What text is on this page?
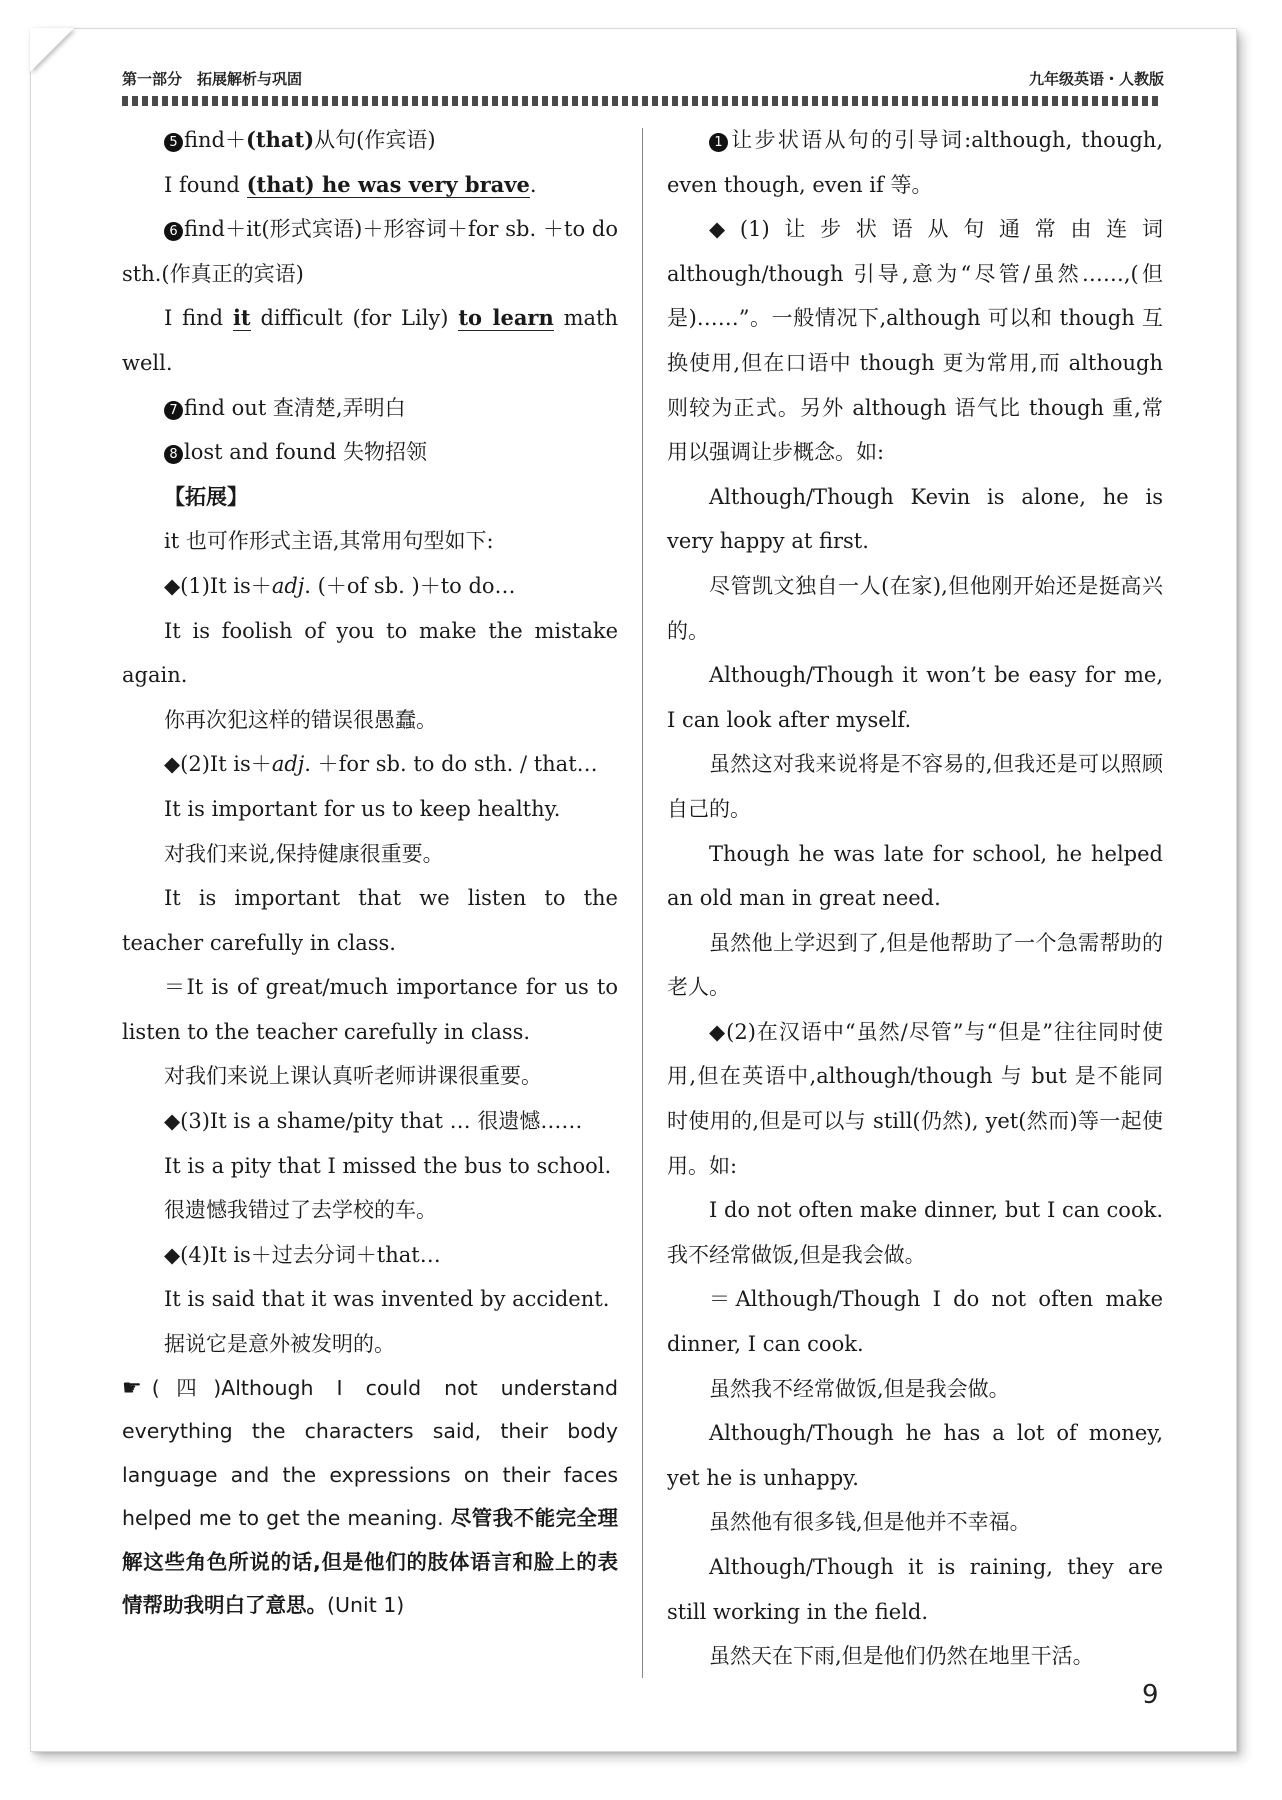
第一部分　拓展解析与巩固	九年级英语・人教版

5 find＋(that)从句(作宾语)

I found (that) he was very brave.

6 find＋it(形式宾语)＋形容词＋for sb. ＋to do sth.(作真正的宾语)

I find it difficult (for Lily) to learn math well.

7 find out 查清楚,弄明白

8 lost and found 失物招领

【拓展】

it 也可作形式主语,其常用句型如下:

◆(1)It is＋adj. (＋of sb. )＋to do…

It is foolish of you to make the mistake again.

你再次犯这样的错误很愚蠢。

◆(2)It is＋adj. ＋for sb. to do sth. / that…

It is important for us to keep healthy.

对我们来说,保持健康很重要。

It is important that we listen to the teacher carefully in class.

＝It is of great/much importance for us to listen to the teacher carefully in class.

对我们来说上课认真听老师讲课很重要。

◆(3)It is a shame/pity that … 很遗憾……

It is a pity that I missed the bus to school.

很遗憾我错过了去学校的车。

◆(4)It is＋过去分词＋that…

It is said that it was invented by accident.

据说它是意外被发明的。

☛ (四)Although I could not understand everything the characters said, their body language and the expressions on their faces helped me to get the meaning. 尽管我不能完全理解这些角色所说的话,但是他们的肢体语言和脸上的表情帮助我明白了意思。(Unit 1)

1 让步状语从句的引导词:although, though, even though, even if 等。

◆(1)让步状语从句通常由连词 although/though 引导,意为“尽管/虽然……,(但是)……”。一般情况下,although 可以和 though 互换使用,但在口语中 though 更为常用,而 although 则较为正式。另外 although 语气比 though 重,常用以强调让步概念。如:

Although/Though Kevin is alone, he is very happy at first.

尽管凯文独自一人(在家),但他刚开始还是挺高兴的。

Although/Though it won’t be easy for me, I can look after myself.

虽然这对我来说将是不容易的,但我还是可以照顾自己的。

Though he was late for school, he helped an old man in great need.

虽然他上学迟到了,但是他帮助了一个急需帮助的老人。

◆(2)在汉语中“虽然/尽管”与“但是”往往同时使用,但在英语中,although/though 与 but 是不能同时使用的,但是可以与 still(仍然), yet(然而)等一起使用。如:

I do not often make dinner, but I can cook. 我不经常做饭,但是我会做。

＝Although/Though I do not often make dinner, I can cook.

虽然我不经常做饭,但是我会做。

Although/Though he has a lot of money, yet he is unhappy.

虽然他有很多钱,但是他并不幸福。

Although/Though it is raining, they are still working in the field.

虽然天在下雨,但是他们仍然在地里干活。

9
